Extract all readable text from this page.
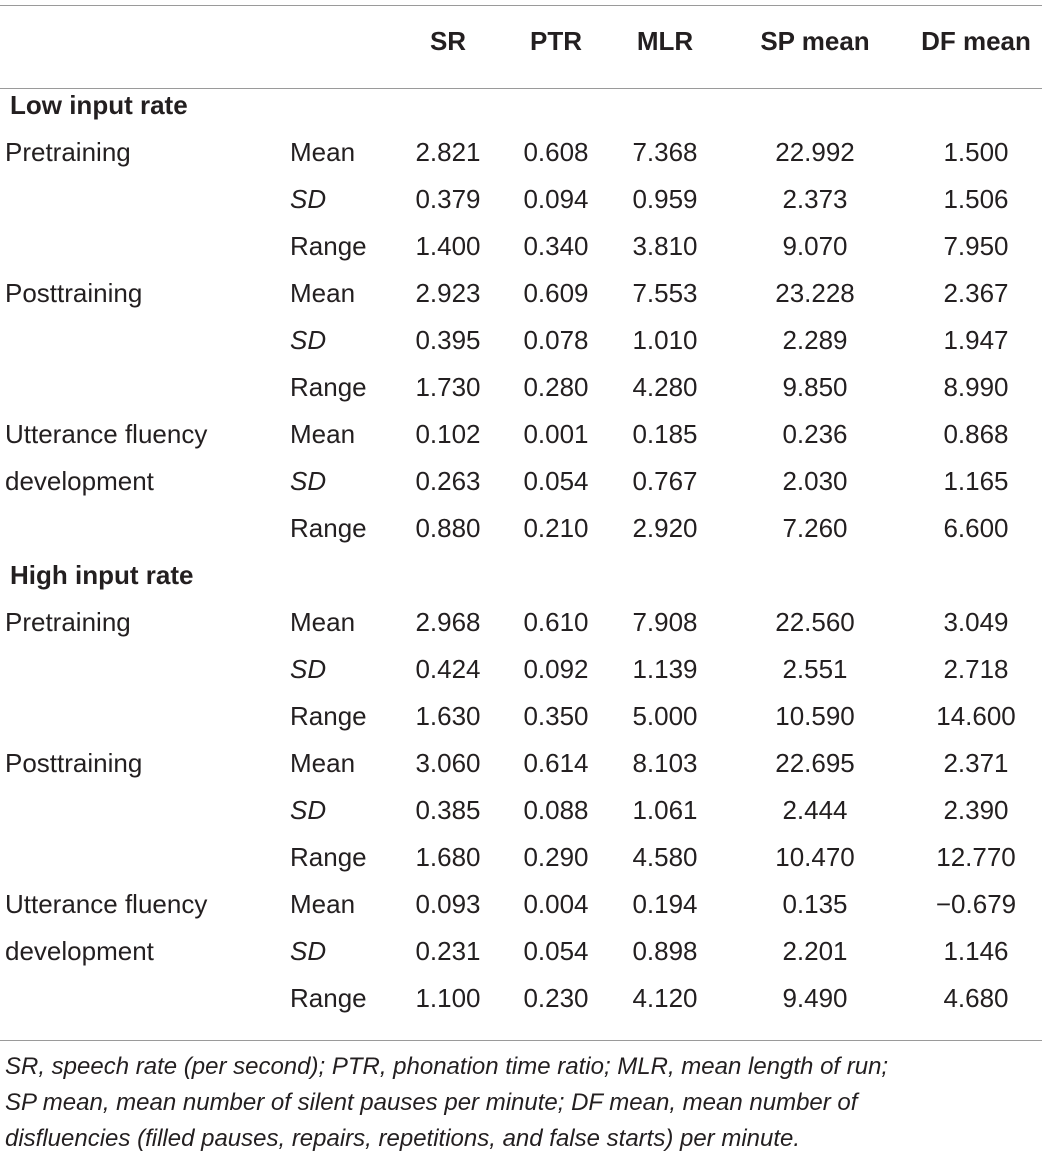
		SR	PTR	MLR	SP mean	DF mean
Low input rate						
Pretraining	Mean	2.821	0.608	7.368	22.992	1.500
	SD	0.379	0.094	0.959	2.373	1.506
	Range	1.400	0.340	3.810	9.070	7.950
Posttraining	Mean	2.923	0.609	7.553	23.228	2.367
	SD	0.395	0.078	1.010	2.289	1.947
	Range	1.730	0.280	4.280	9.850	8.990
Utterance fluency	Mean	0.102	0.001	0.185	0.236	0.868
development	SD	0.263	0.054	0.767	2.030	1.165
	Range	0.880	0.210	2.920	7.260	6.600
High input rate						
Pretraining	Mean	2.968	0.610	7.908	22.560	3.049
	SD	0.424	0.092	1.139	2.551	2.718
	Range	1.630	0.350	5.000	10.590	14.600
Posttraining	Mean	3.060	0.614	8.103	22.695	2.371
	SD	0.385	0.088	1.061	2.444	2.390
	Range	1.680	0.290	4.580	10.470	12.770
Utterance fluency	Mean	0.093	0.004	0.194	0.135	−0.679
development	SD	0.231	0.054	0.898	2.201	1.146
	Range	1.100	0.230	4.120	9.490	4.680
SR, speech rate (per second); PTR, phonation time ratio; MLR, mean length of run;
SP mean, mean number of silent pauses per minute; DF mean, mean number of
disfluencies (filled pauses, repairs, repetitions, and false starts) per minute.
